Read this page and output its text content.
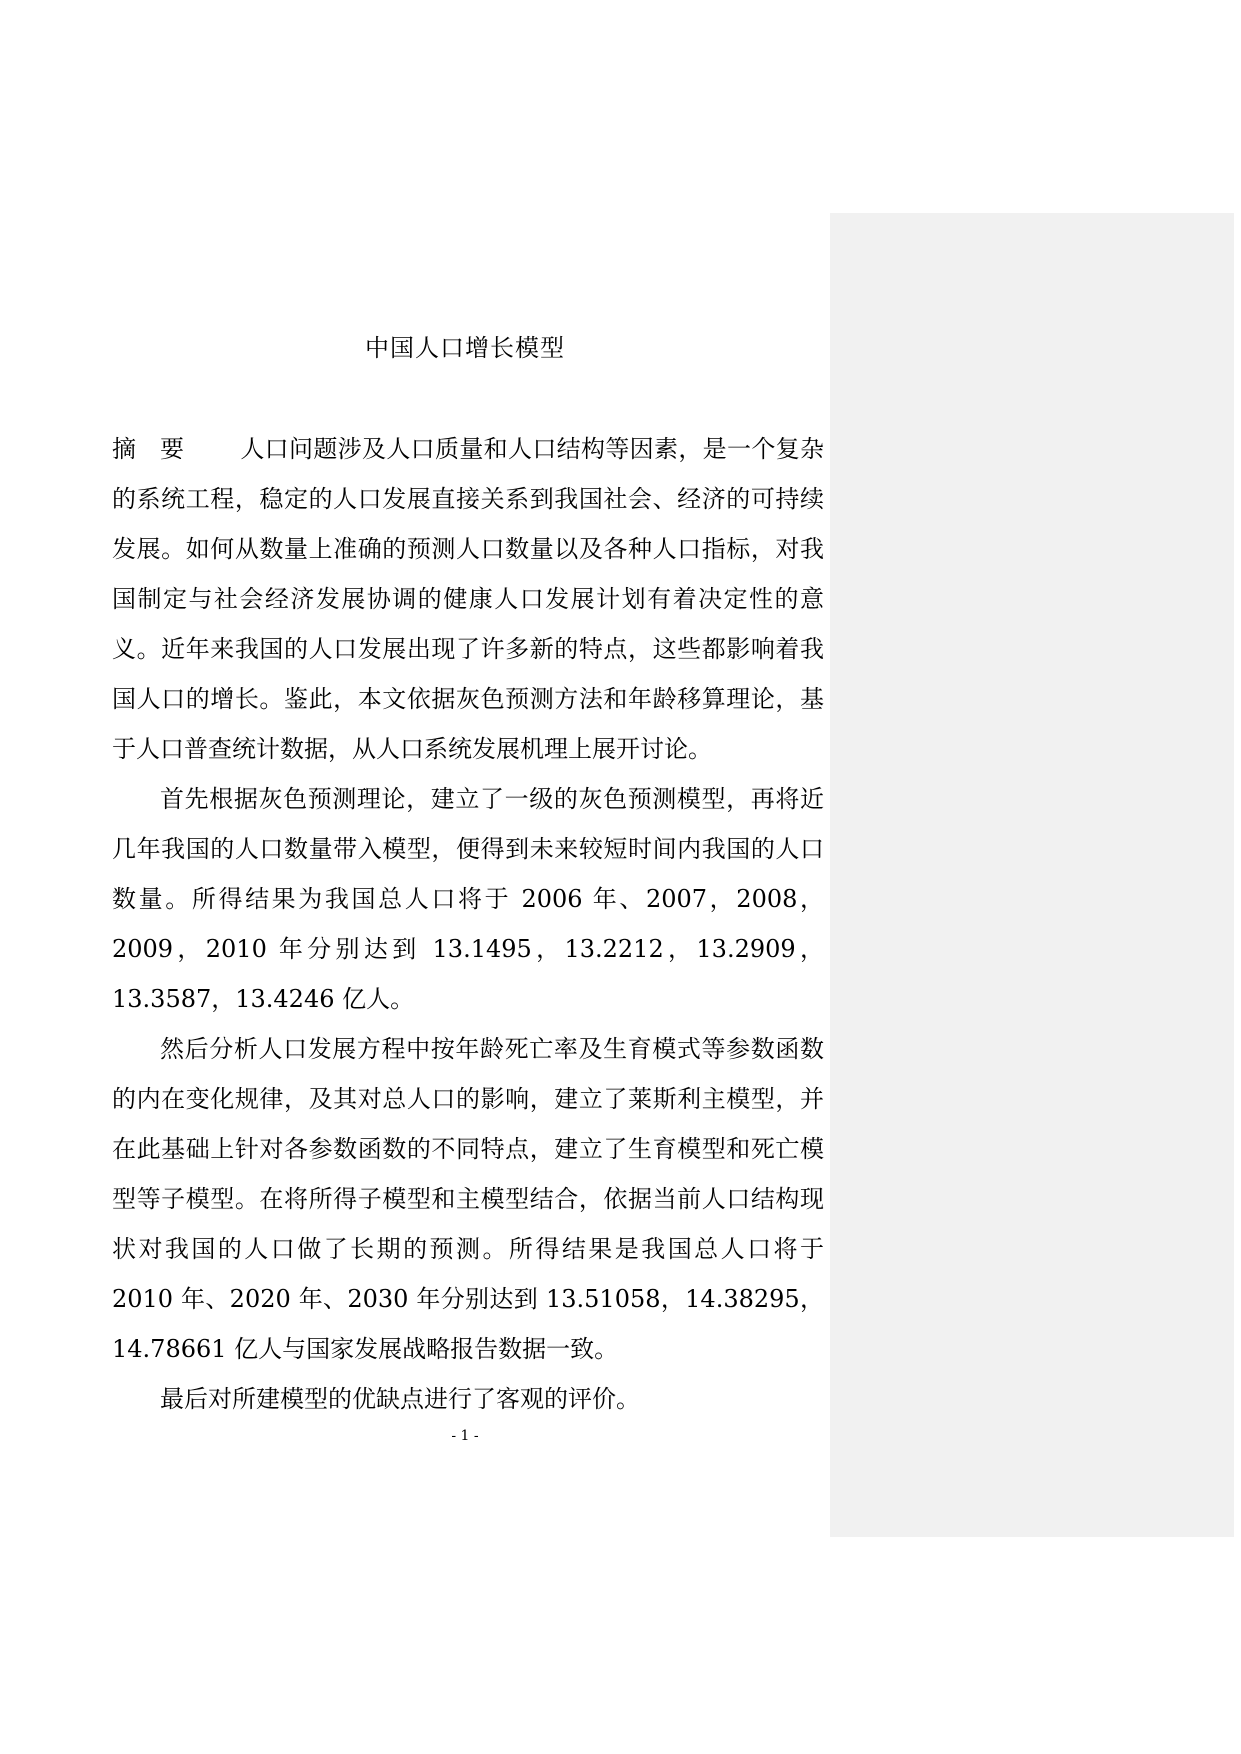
中国人口增长模型

摘　要 人口问题涉及人口质量和人口结构等因素，是一个复杂的系统工程，稳定的人口发展直接关系到我国社会、经济的可持续发展。如何从数量上准确的预测人口数量以及各种人口指标，对我国制定与社会经济发展协调的健康人口发展计划有着决定性的意义。近年来我国的人口发展出现了许多新的特点，这些都影响着我国人口的增长。鉴此，本文依据灰色预测方法和年龄移算理论，基于人口普查统计数据，从人口系统发展机理上展开讨论。

首先根据灰色预测理论，建立了一级的灰色预测模型，再将近几年我国的人口数量带入模型，便得到未来较短时间内我国的人口数量。所得结果为我国总人口将于 2006 年、2007，2008，2009，2010 年分别达到 13.1495，13.2212，13.2909，13.3587，13.4246 亿人。

然后分析人口发展方程中按年龄死亡率及生育模式等参数函数的内在变化规律，及其对总人口的影响，建立了莱斯利主模型，并在此基础上针对各参数函数的不同特点，建立了生育模型和死亡模型等子模型。在将所得子模型和主模型结合，依据当前人口结构现状对我国的人口做了长期的预测。所得结果是我国总人口将于 2010 年、2020 年、2030 年分别达到 13.51058，14.38295，14.78661 亿人与国家发展战略报告数据一致。

最后对所建模型的优缺点进行了客观的评价。

- 1 -
